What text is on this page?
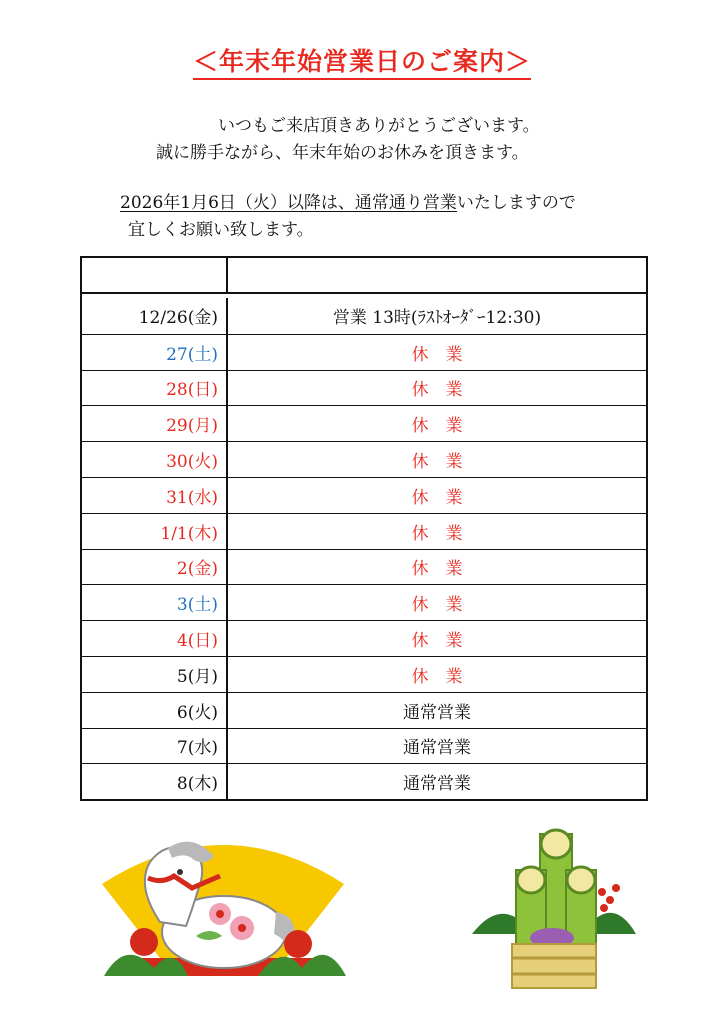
＜年末年始営業日のご案内＞
いつもご来店頂きありがとうございます。
誠に勝手ながら、年末年始のお休みを頂きます。
2026年1月6日（火）以降は、通常通り営業いたしますので
宜しくお願い致します。
12/26(金)	営業 13時(ﾗｽﾄｵｰﾀﾞｰ12:30)
27(土)	休　業
28(日)	休　業
29(月)	休　業
30(火)	休　業
31(水)	休　業
1/1(木)	休　業
2(金)	休　業
3(土)	休　業
4(日)	休　業
5(月)	休　業
6(火)	通常営業
7(水)	通常営業
8(木)	通常営業
